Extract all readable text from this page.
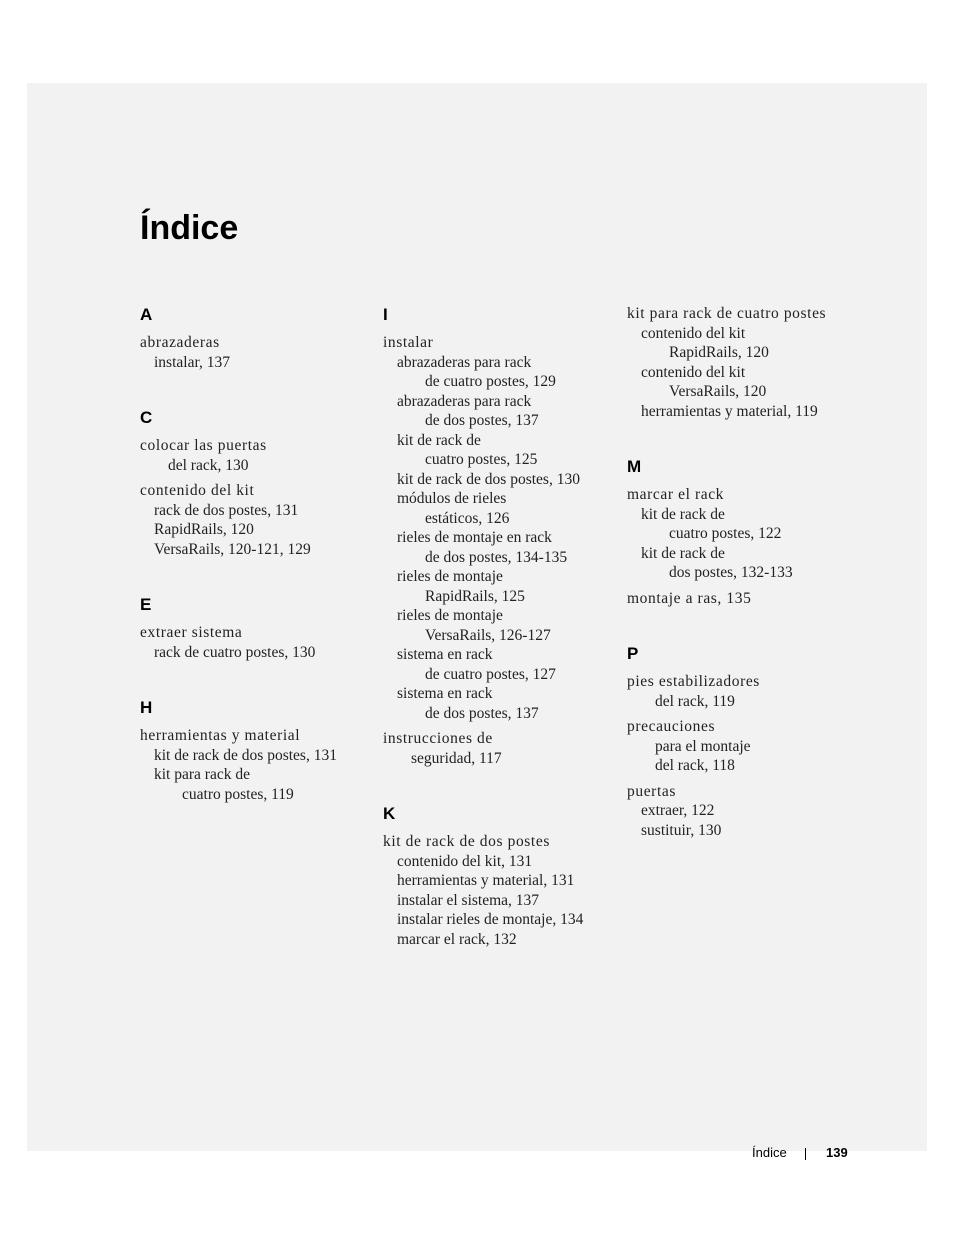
Índice
A
abrazaderas
instalar, 137
C
colocar las puertas
del rack, 130
contenido del kit
rack de dos postes, 131
RapidRails, 120
VersaRails, 120-121, 129
E
extraer sistema
rack de cuatro postes, 130
H
herramientas y material
kit de rack de dos postes, 131
kit para rack de
cuatro postes, 119
I
instalar
abrazaderas para rack
de cuatro postes, 129
abrazaderas para rack
de dos postes, 137
kit de rack de
cuatro postes, 125
kit de rack de dos postes, 130
módulos de rieles
estáticos, 126
rieles de montaje en rack
de dos postes, 134-135
rieles de montaje
RapidRails, 125
rieles de montaje
VersaRails, 126-127
sistema en rack
de cuatro postes, 127
sistema en rack
de dos postes, 137
instrucciones de
seguridad, 117
K
kit de rack de dos postes
contenido del kit, 131
herramientas y material, 131
instalar el sistema, 137
instalar rieles de montaje, 134
marcar el rack, 132
kit para rack de cuatro postes
contenido del kit
RapidRails, 120
contenido del kit
VersaRails, 120
herramientas y material, 119
M
marcar el rack
kit de rack de
cuatro postes, 122
kit de rack de
dos postes, 132-133
montaje a ras, 135
P
pies estabilizadores
del rack, 119
precauciones
para el montaje
del rack, 118
puertas
extraer, 122
sustituir, 130
Índice	139
